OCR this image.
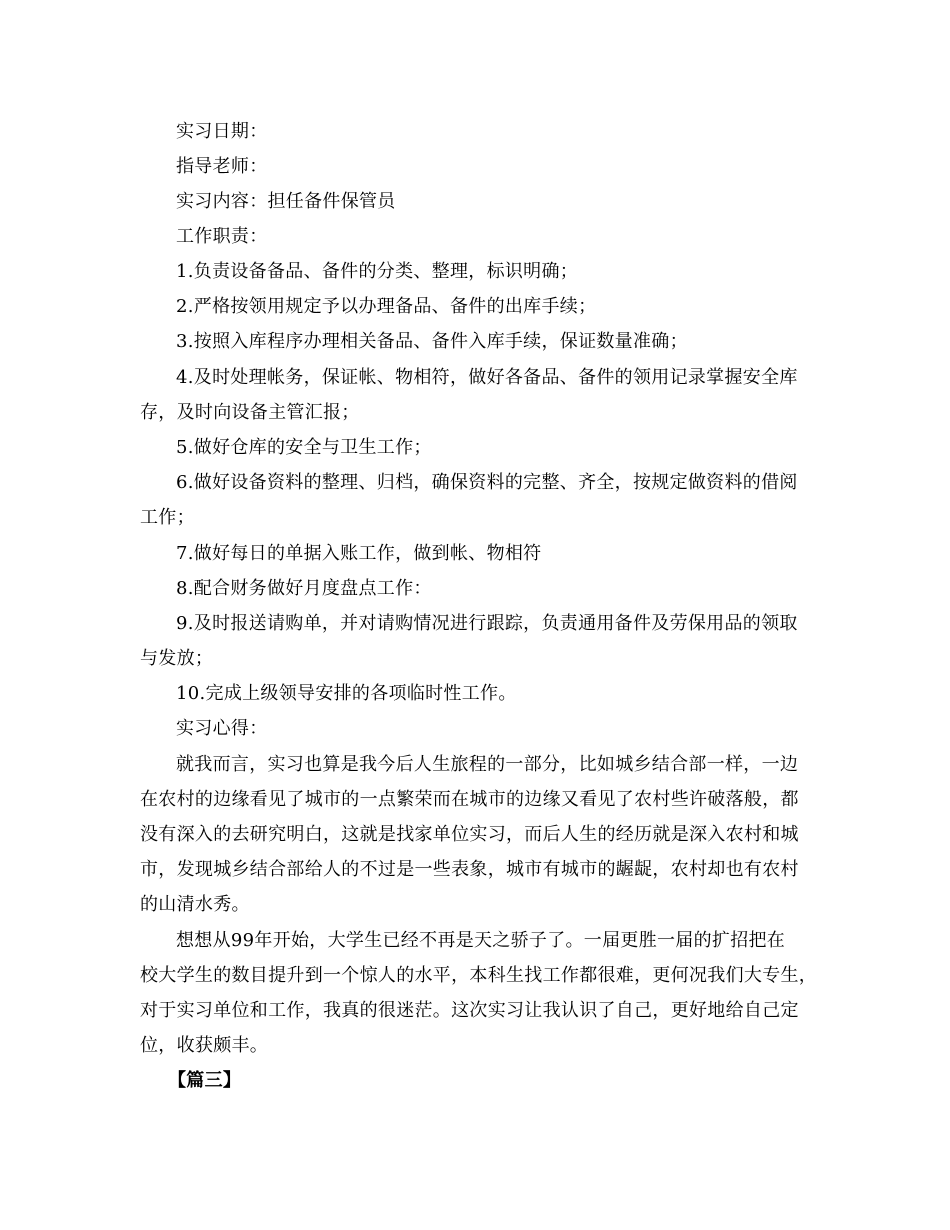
实习日期：
指导老师：
实习内容：担任备件保管员
工作职责：
1.负责设备备品、备件的分类、整理，标识明确；
2.严格按领用规定予以办理备品、备件的出库手续；
3.按照入库程序办理相关备品、备件入库手续，保证数量准确；
4.及时处理帐务，保证帐、物相符，做好各备品、备件的领用记录掌握安全库
存，及时向设备主管汇报；
5.做好仓库的安全与卫生工作；
6.做好设备资料的整理、归档，确保资料的完整、齐全，按规定做资料的借阅
工作；
7.做好每日的单据入账工作，做到帐、物相符
8.配合财务做好月度盘点工作：
9.及时报送请购单，并对请购情况进行跟踪，负责通用备件及劳保用品的领取
与发放；
10.完成上级领导安排的各项临时性工作。
实习心得：
就我而言，实习也算是我今后人生旅程的一部分，比如城乡结合部一样，一边
在农村的边缘看见了城市的一点繁荣而在城市的边缘又看见了农村些许破落般，都
没有深入的去研究明白，这就是找家单位实习，而后人生的经历就是深入农村和城
市，发现城乡结合部给人的不过是一些表象，城市有城市的龌龊，农村却也有农村
的山清水秀。
想想从99年开始，大学生已经不再是天之骄子了。一届更胜一届的扩招把在
校大学生的数目提升到一个惊人的水平，本科生找工作都很难，更何况我们大专生，
对于实习单位和工作，我真的很迷茫。这次实习让我认识了自己，更好地给自己定
位，收获颇丰。
【篇三】
